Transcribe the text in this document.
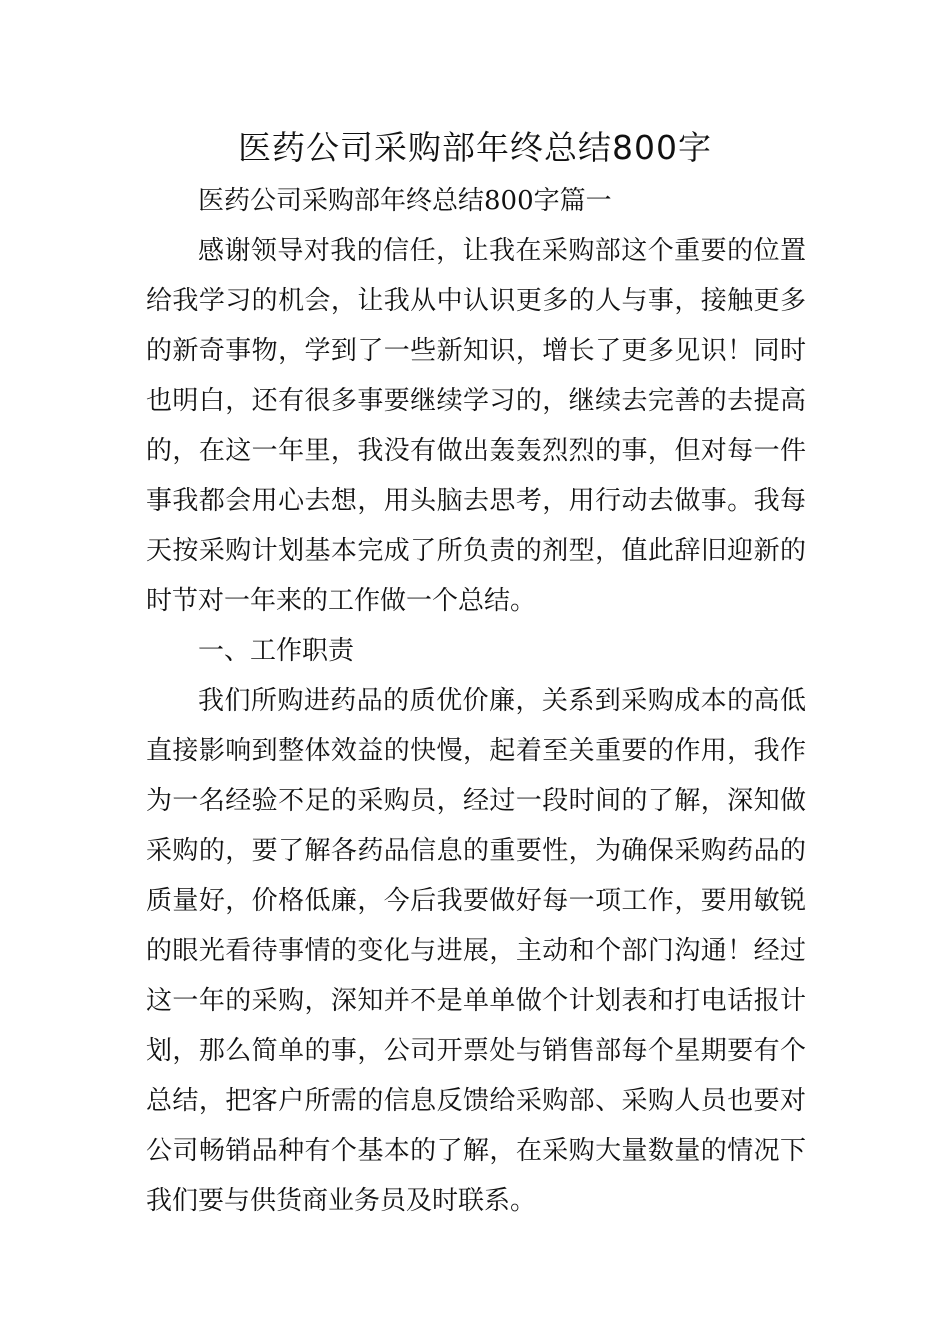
医药公司采购部年终总结800字

医药公司采购部年终总结800字篇一

感谢领导对我的信任，让我在采购部这个重要的位置给我学习的机会，让我从中认识更多的人与事，接触更多的新奇事物，学到了一些新知识，增长了更多见识！同时也明白，还有很多事要继续学习的，继续去完善的去提高的，在这一年里，我没有做出轰轰烈烈的事，但对每一件事我都会用心去想，用头脑去思考，用行动去做事。我每天按采购计划基本完成了所负责的剂型，值此辞旧迎新的时节对一年来的工作做一个总结。

一、工作职责

我们所购进药品的质优价廉，关系到采购成本的高低直接影响到整体效益的快慢，起着至关重要的作用，我作为一名经验不足的采购员，经过一段时间的了解，深知做采购的，要了解各药品信息的重要性，为确保采购药品的质量好，价格低廉，今后我要做好每一项工作，要用敏锐的眼光看待事情的变化与进展，主动和个部门沟通！经过这一年的采购，深知并不是单单做个计划表和打电话报计划，那么简单的事，公司开票处与销售部每个星期要有个总结，把客户所需的信息反馈给采购部、采购人员也要对公司畅销品种有个基本的了解，在采购大量数量的情况下我们要与供货商业务员及时联系。
